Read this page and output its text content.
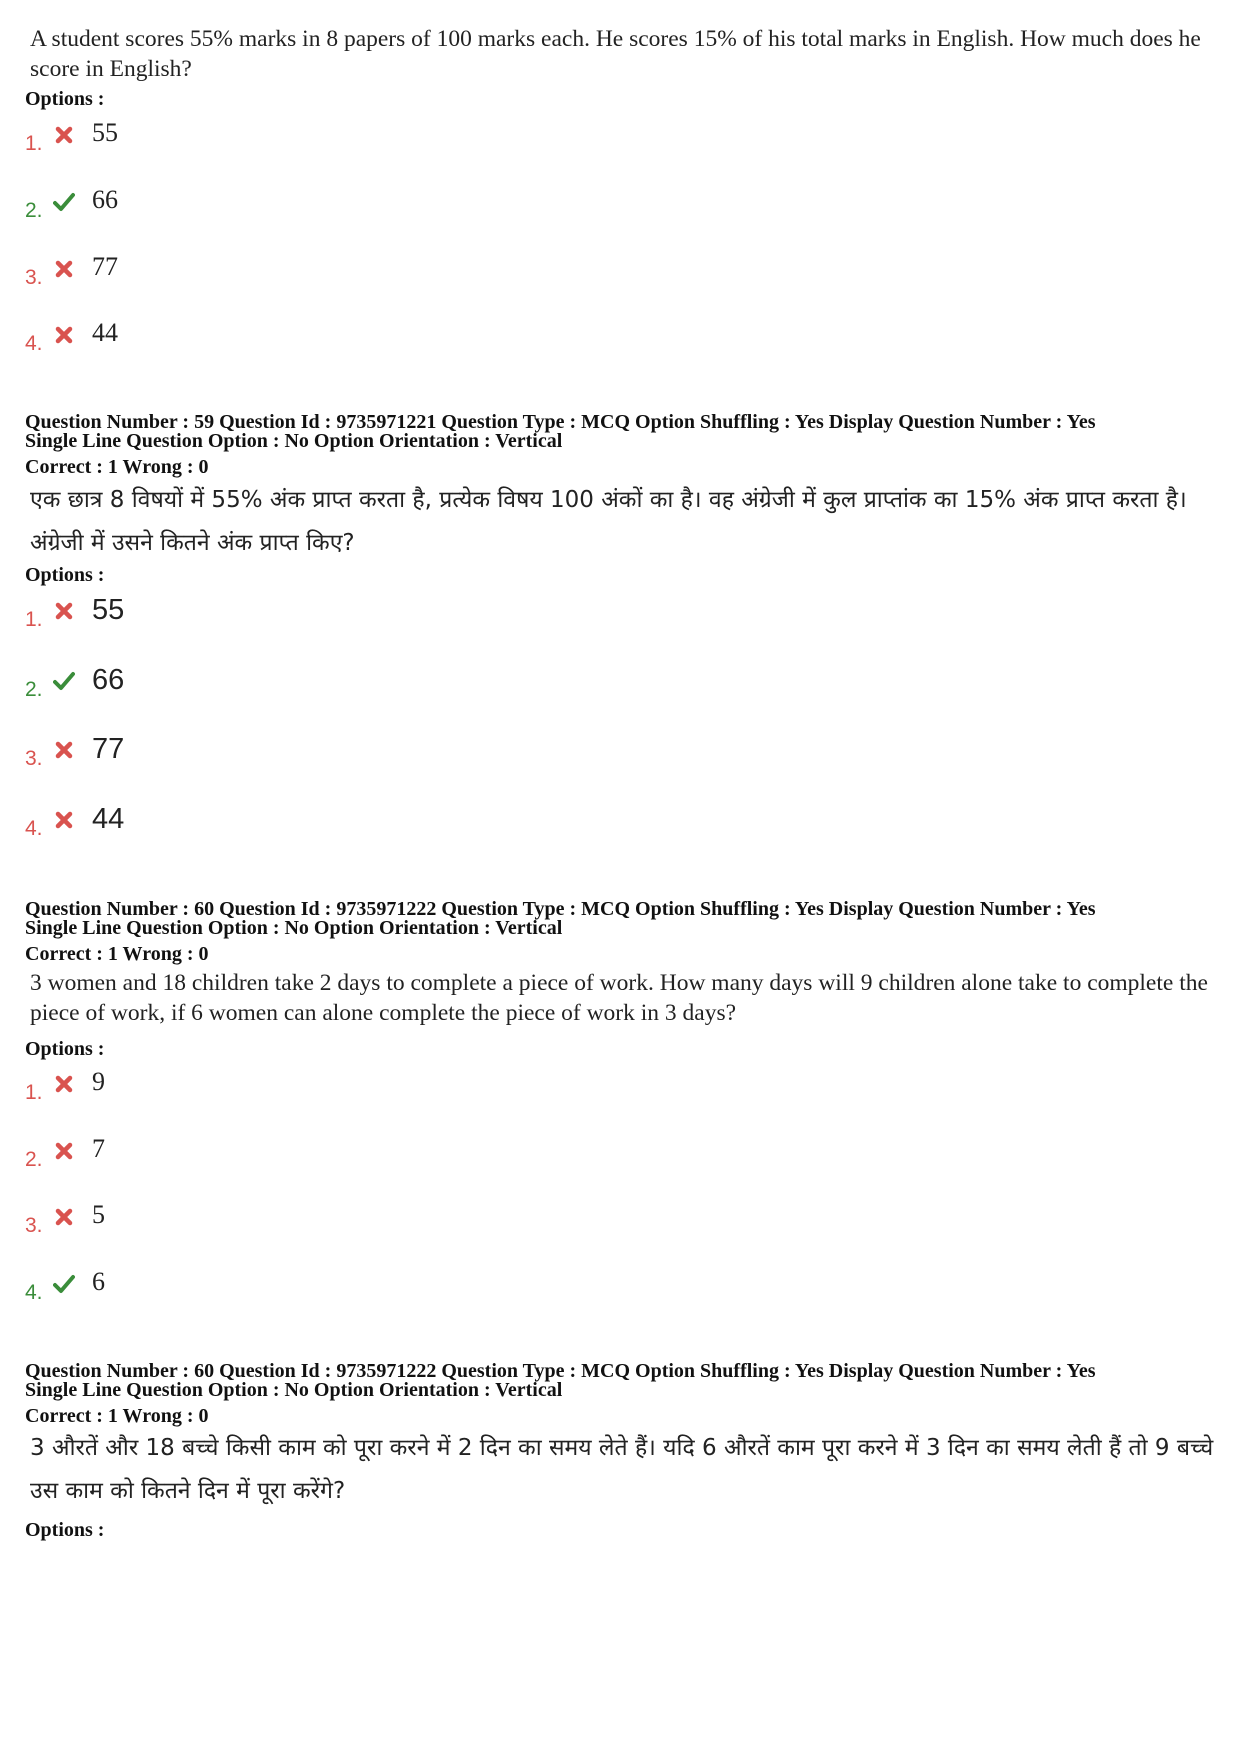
A student scores 55% marks in 8 papers of 100 marks each. He scores 15% of his total marks in English. How much does he score in English?
Options :
1. 55
2. 66
3. 77
4. 44
Question Number : 59 Question Id : 9735971221 Question Type : MCQ Option Shuffling : Yes Display Question Number : Yes
Single Line Question Option : No Option Orientation : Vertical
Correct : 1 Wrong : 0
एक छात्र 8 विषयों में 55% अंक प्राप्त करता है, प्रत्येक विषय 100 अंकों का है। वह अंग्रेजी में कुल प्राप्तांक का 15% अंक प्राप्त करता है। अंग्रेजी में उसने कितने अंक प्राप्त किए?
Options :
1. 55
2. 66
3. 77
4. 44
Question Number : 60 Question Id : 9735971222 Question Type : MCQ Option Shuffling : Yes Display Question Number : Yes
Single Line Question Option : No Option Orientation : Vertical
Correct : 1 Wrong : 0
3 women and 18 children take 2 days to complete a piece of work. How many days will 9 children alone take to complete the piece of work, if 6 women can alone complete the piece of work in 3 days?
Options :
1. 9
2. 7
3. 5
4. 6
Question Number : 60 Question Id : 9735971222 Question Type : MCQ Option Shuffling : Yes Display Question Number : Yes
Single Line Question Option : No Option Orientation : Vertical
Correct : 1 Wrong : 0
3 औरतें और 18 बच्चे किसी काम को पूरा करने में 2 दिन का समय लेते हैं। यदि 6 औरतें काम पूरा करने में 3 दिन का समय लेती हैं तो 9 बच्चे उस काम को कितने दिन में पूरा करेंगे?
Options :
